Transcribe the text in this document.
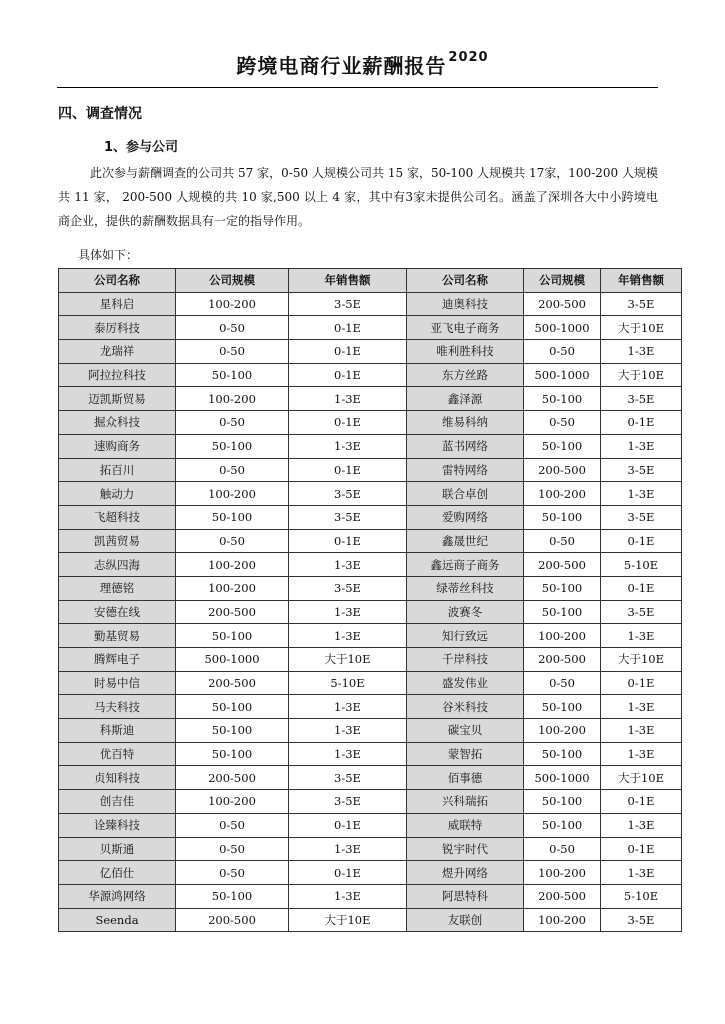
跨境电商行业薪酬报告 $^{2020}$
四、调查情况
1、参与公司
此次参与薪酬调查的公司共 57 家，0-50 人规模公司共 15 家，50-100 人规模共 17家，100-200 人规模共 11 家， 200-500 人规模的共 10 家,500 以上 4 家，其中有3家未提供公司名。涵盖了深圳各大中小跨境电商企业，提供的薪酬数据具有一定的指导作用。
具体如下：
公司名称	公司规模	年销售额	公司名称	公司规模	年销售额
星科启	100-200	3-5E	迪奥科技	200-500	3-5E
泰厉科技	0-50	0-1E	亚飞电子商务	500-1000	大于10E
龙瑞祥	0-50	0-1E	唯利胜科技	0-50	1-3E
阿拉拉科技	50-100	0-1E	东方丝路	500-1000	大于10E
迈凯斯贸易	100-200	1-3E	鑫泽源	50-100	3-5E
掘众科技	0-50	0-1E	维易科纳	0-50	0-1E
速购商务	50-100	1-3E	蓝书网络	50-100	1-3E
拓百川	0-50	0-1E	雷特网络	200-500	3-5E
触动力	100-200	3-5E	联合卓创	100-200	1-3E
飞超科技	50-100	3-5E	爱购网络	50-100	3-5E
凯茜贸易	0-50	0-1E	鑫晟世纪	0-50	0-1E
志纵四海	100-200	1-3E	鑫远商子商务	200-500	5-10E
理德铭	100-200	3-5E	绿蒂丝科技	50-100	0-1E
安德在线	200-500	1-3E	波赛冬	50-100	3-5E
勤基贸易	50-100	1-3E	知行致远	100-200	1-3E
腾辉电子	500-1000	大于10E	千岸科技	200-500	大于10E
时易中信	200-500	5-10E	盛发伟业	0-50	0-1E
马夫科技	50-100	1-3E	谷米科技	50-100	1-3E
科斯迪	50-100	1-3E	碳宝贝	100-200	1-3E
优百特	50-100	1-3E	蒙智拓	50-100	1-3E
贞知科技	200-500	3-5E	佰事德	500-1000	大于10E
创吉佳	100-200	3-5E	兴科瑞拓	50-100	0-1E
诠臻科技	0-50	0-1E	威联特	50-100	1-3E
贝斯通	0-50	1-3E	锐宇时代	0-50	0-1E
亿佰仕	0-50	0-1E	煜升网络	100-200	1-3E
华源鸿网络	50-100	1-3E	阿思特科	200-500	5-10E
Seenda	200-500	大于10E	友联创	100-200	3-5E
